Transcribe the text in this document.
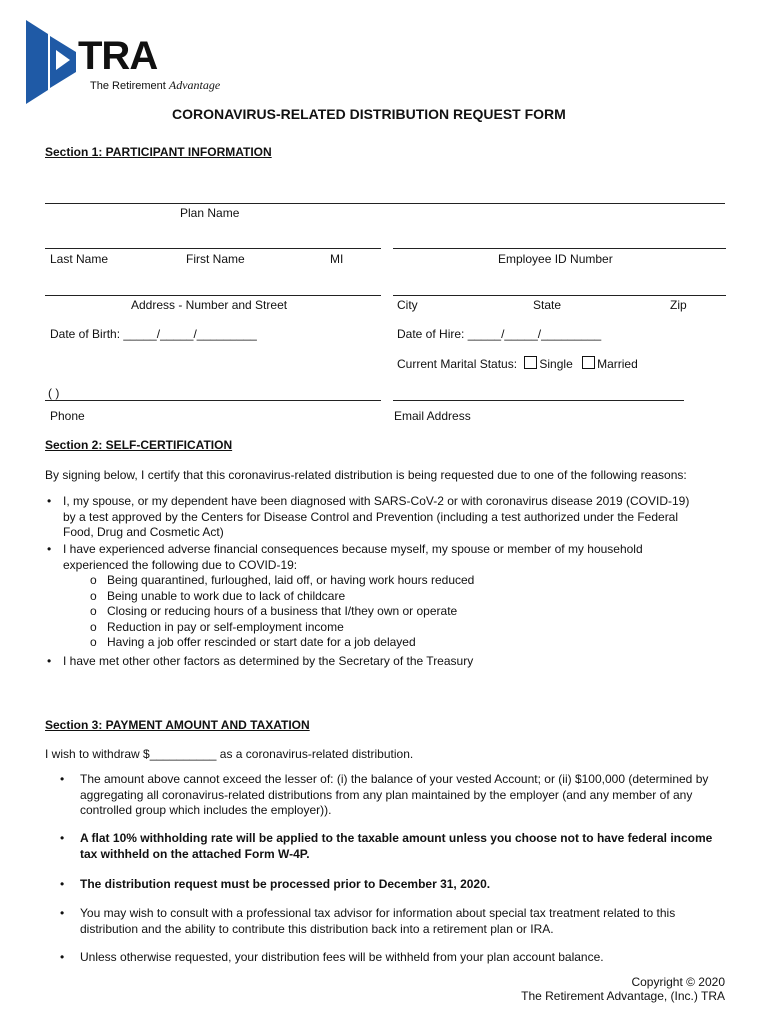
TRA
The Retirement Advantage
CORONAVIRUS-RELATED DISTRIBUTION REQUEST FORM
Section 1: PARTICIPANT INFORMATION
Plan Name
Last Name	First Name	MI	Employee ID Number
Address - Number and Street	City	State	Zip
Date of Birth: _____/_____/_________	Date of Hire: _____/_____/_________
Current Marital Status: Single Married
( )
Phone	Email Address
Section 2: SELF-CERTIFICATION
By signing below, I certify that this coronavirus-related distribution is being requested due to one of the following reasons:
• I, my spouse, or my dependent have been diagnosed with SARS-CoV-2 or with coronavirus disease 2019 (COVID-19) by a test approved by the Centers for Disease Control and Prevention (including a test authorized under the Federal Food, Drug and Cosmetic Act)
• I have experienced adverse financial consequences because myself, my spouse or member of my household experienced the following due to COVID-19:
o Being quarantined, furloughed, laid off, or having work hours reduced
o Being unable to work due to lack of childcare
o Closing or reducing hours of a business that I/they own or operate
o Reduction in pay or self-employment income
o Having a job offer rescinded or start date for a job delayed
• I have met other other factors as determined by the Secretary of the Treasury
Section 3: PAYMENT AMOUNT AND TAXATION
I wish to withdraw $__________ as a coronavirus-related distribution.
• The amount above cannot exceed the lesser of: (i) the balance of your vested Account; or (ii) $100,000 (determined by aggregating all coronavirus-related distributions from any plan maintained by the employer (and any member of any controlled group which includes the employer)).
• A flat 10% withholding rate will be applied to the taxable amount unless you choose not to have federal income tax withheld on the attached Form W-4P.
• The distribution request must be processed prior to December 31, 2020.
• You may wish to consult with a professional tax advisor for information about special tax treatment related to this distribution and the ability to contribute this distribution back into a retirement plan or IRA.
• Unless otherwise requested, your distribution fees will be withheld from your plan account balance.
Copyright © 2020
The Retirement Advantage, (Inc.) TRA
